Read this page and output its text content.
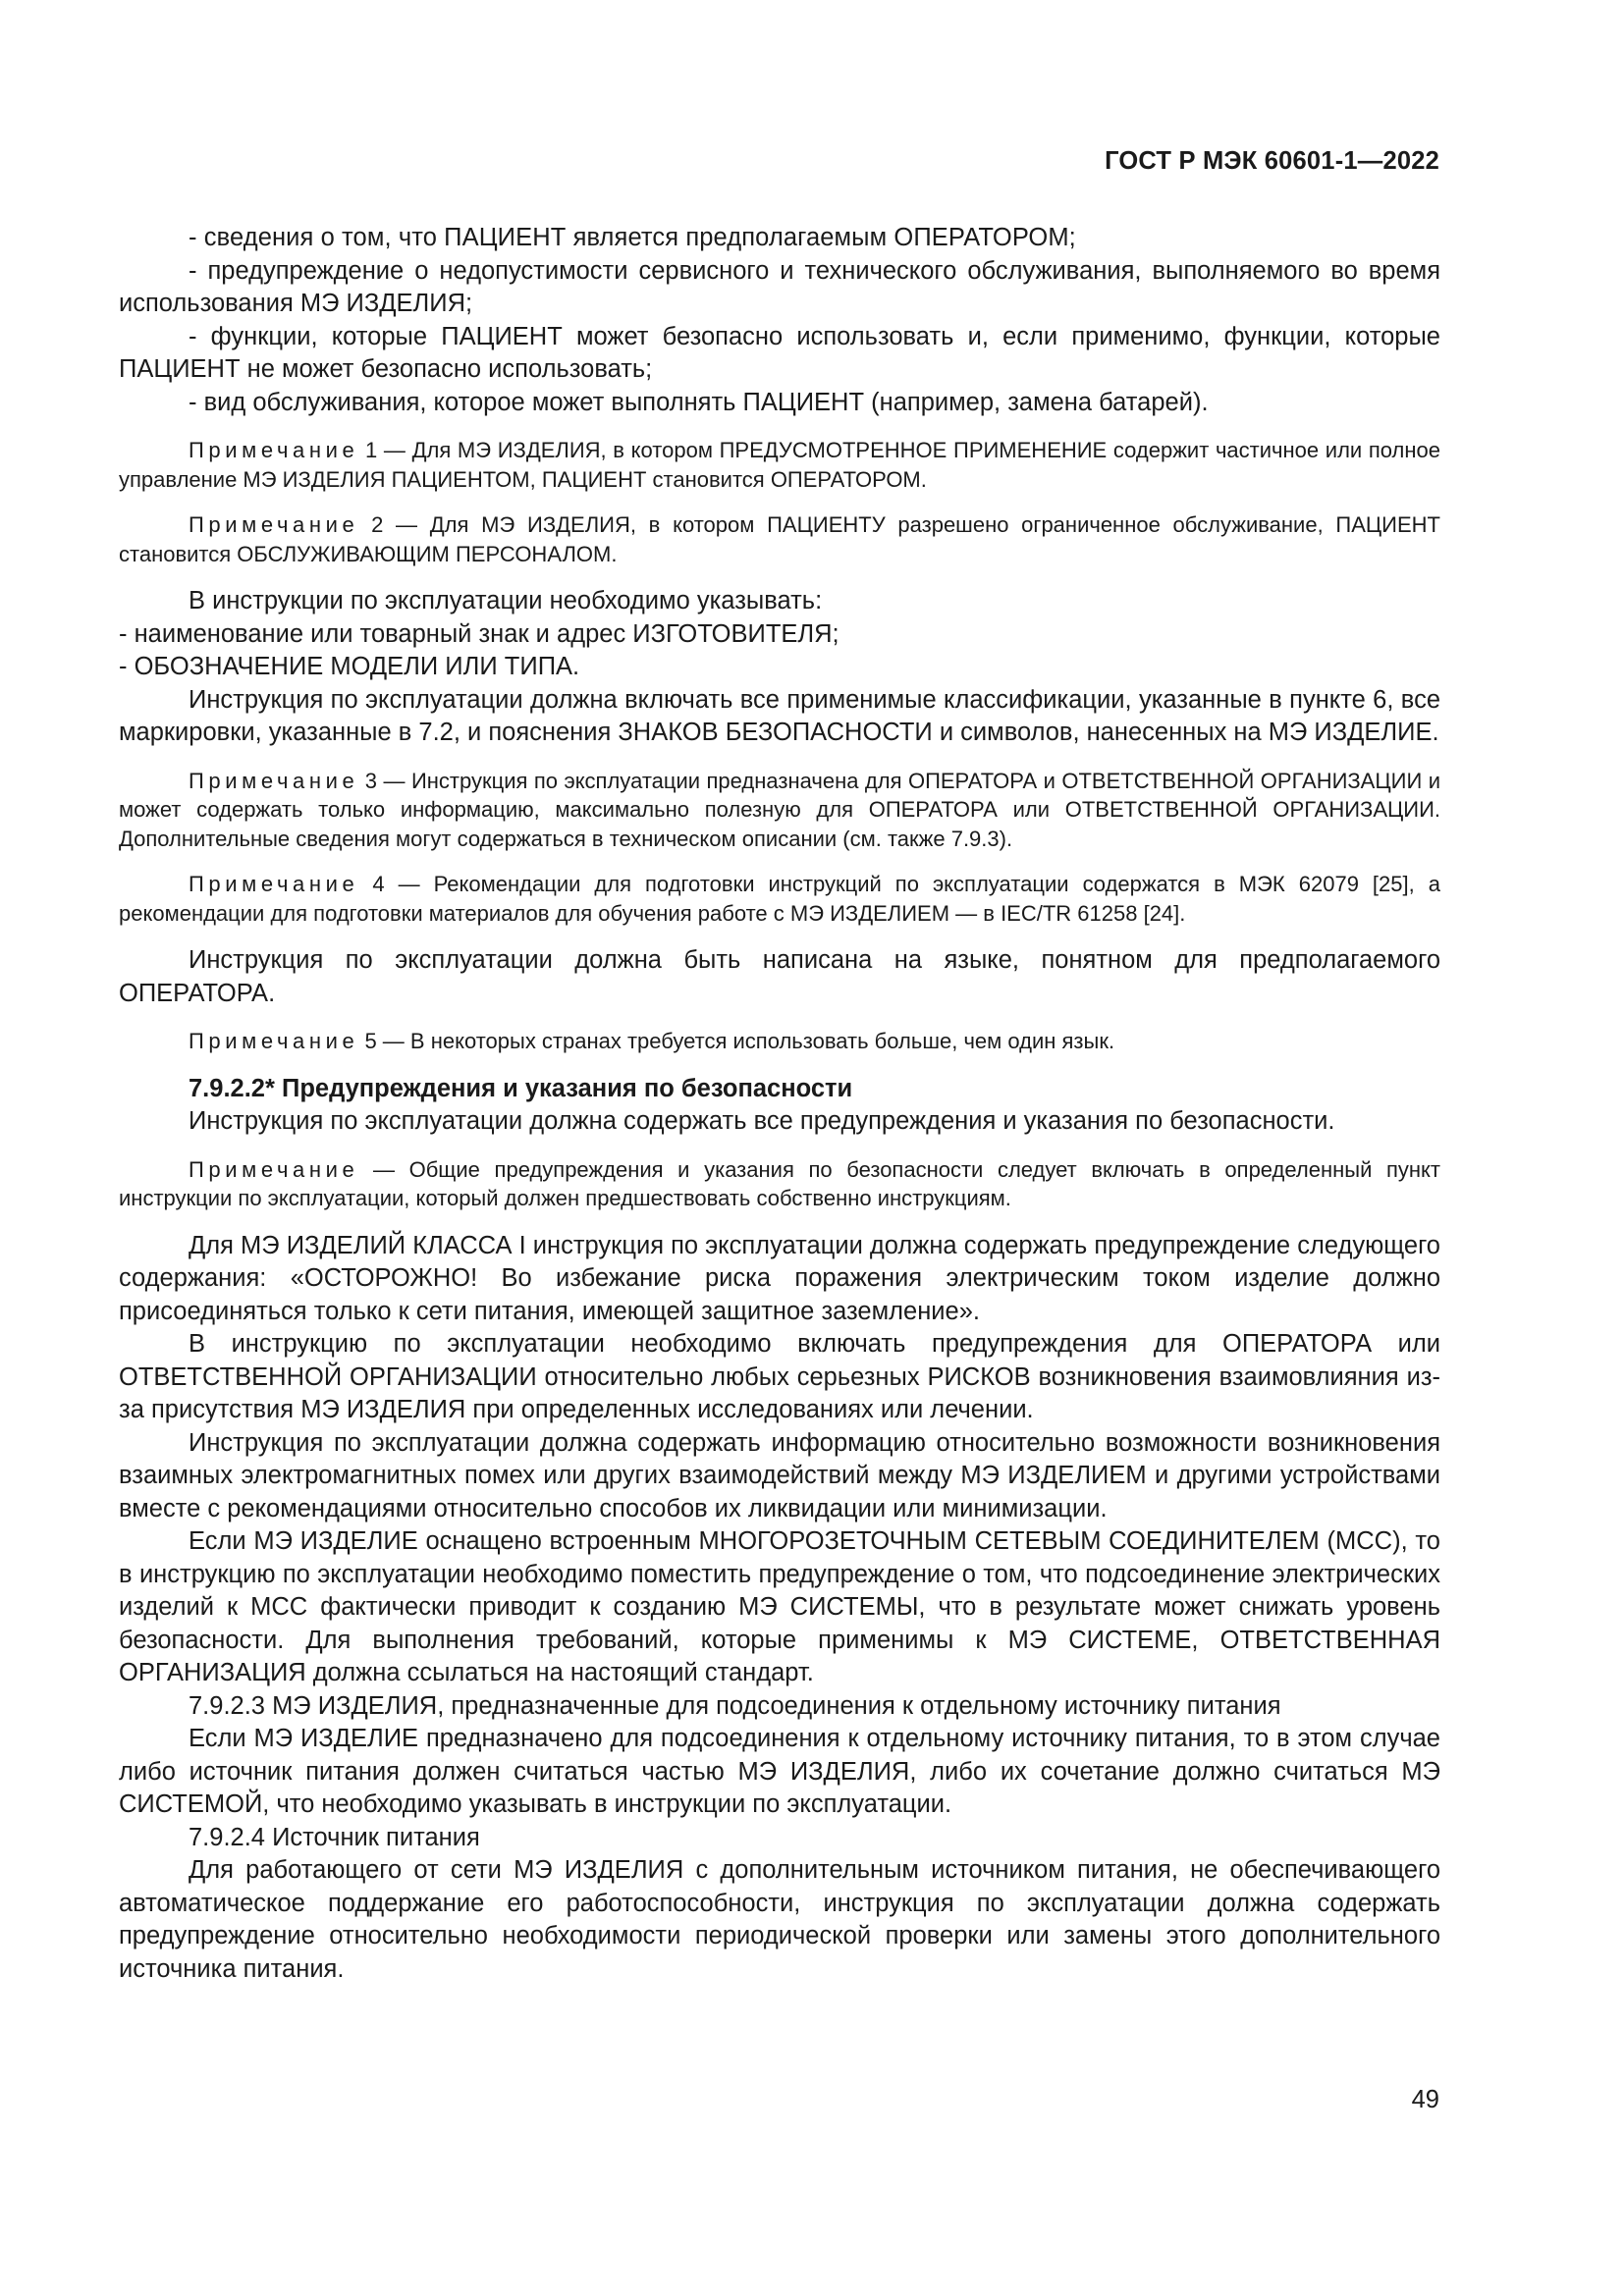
ГОСТ Р МЭК 60601-1—2022

- сведения о том, что ПАЦИЕНТ является предполагаемым ОПЕРАТОРОМ;

- предупреждение о недопустимости сервисного и технического обслуживания, выполняемого во время использования МЭ ИЗДЕЛИЯ;

- функции, которые ПАЦИЕНТ может безопасно использовать и, если применимо, функции, которые ПАЦИЕНТ не может безопасно использовать;

- вид обслуживания, которое может выполнять ПАЦИЕНТ (например, замена батарей).

Примечание 1 — Для МЭ ИЗДЕЛИЯ, в котором ПРЕДУСМОТРЕННОЕ ПРИМЕНЕНИЕ содержит частичное или полное управление МЭ ИЗДЕЛИЯ ПАЦИЕНТОМ, ПАЦИЕНТ становится ОПЕРАТОРОМ.

Примечание 2 — Для МЭ ИЗДЕЛИЯ, в котором ПАЦИЕНТУ разрешено ограниченное обслуживание, ПАЦИЕНТ становится ОБСЛУЖИВАЮЩИМ ПЕРСОНАЛОМ.

В инструкции по эксплуатации необходимо указывать:

- наименование или товарный знак и адрес ИЗГОТОВИТЕЛЯ;

- ОБОЗНАЧЕНИЕ МОДЕЛИ ИЛИ ТИПА.

Инструкция по эксплуатации должна включать все применимые классификации, указанные в пункте 6, все маркировки, указанные в 7.2, и пояснения ЗНАКОВ БЕЗОПАСНОСТИ и символов, нанесенных на МЭ ИЗДЕЛИЕ.

Примечание 3 — Инструкция по эксплуатации предназначена для ОПЕРАТОРА и ОТВЕТСТВЕННОЙ ОРГАНИЗАЦИИ и может содержать только информацию, максимально полезную для ОПЕРАТОРА или ОТВЕТСТВЕННОЙ ОРГАНИЗАЦИИ. Дополнительные сведения могут содержаться в техническом описании (см. также 7.9.3).

Примечание 4 — Рекомендации для подготовки инструкций по эксплуатации содержатся в МЭК 62079 [25], а рекомендации для подготовки материалов для обучения работе с МЭ ИЗДЕЛИЕМ — в IEC/TR 61258 [24].

Инструкция по эксплуатации должна быть написана на языке, понятном для предполагаемого ОПЕРАТОРА.

Примечание 5 — В некоторых странах требуется использовать больше, чем один язык.

7.9.2.2* Предупреждения и указания по безопасности

Инструкция по эксплуатации должна содержать все предупреждения и указания по безопасности.

Примечание — Общие предупреждения и указания по безопасности следует включать в определенный пункт инструкции по эксплуатации, который должен предшествовать собственно инструкциям.

Для МЭ ИЗДЕЛИЙ КЛАССА I инструкция по эксплуатации должна содержать предупреждение следующего содержания: «ОСТОРОЖНО! Во избежание риска поражения электрическим током изделие должно присоединяться только к сети питания, имеющей защитное заземление».

В инструкцию по эксплуатации необходимо включать предупреждения для ОПЕРАТОРА или ОТВЕТСТВЕННОЙ ОРГАНИЗАЦИИ относительно любых серьезных РИСКОВ возникновения взаимовлияния из-за присутствия МЭ ИЗДЕЛИЯ при определенных исследованиях или лечении.

Инструкция по эксплуатации должна содержать информацию относительно возможности возникновения взаимных электромагнитных помех или других взаимодействий между МЭ ИЗДЕЛИЕМ и другими устройствами вместе с рекомендациями относительно способов их ликвидации или минимизации.

Если МЭ ИЗДЕЛИЕ оснащено встроенным МНОГОРОЗЕТОЧНЫМ СЕТЕВЫМ СОЕДИНИТЕЛЕМ (МСС), то в инструкцию по эксплуатации необходимо поместить предупреждение о том, что подсоединение электрических изделий к МСС фактически приводит к созданию МЭ СИСТЕМЫ, что в результате может снижать уровень безопасности. Для выполнения требований, которые применимы к МЭ СИСТЕМЕ, ОТВЕТСТВЕННАЯ ОРГАНИЗАЦИЯ должна ссылаться на настоящий стандарт.

7.9.2.3 МЭ ИЗДЕЛИЯ, предназначенные для подсоединения к отдельному источнику питания

Если МЭ ИЗДЕЛИЕ предназначено для подсоединения к отдельному источнику питания, то в этом случае либо источник питания должен считаться частью МЭ ИЗДЕЛИЯ, либо их сочетание должно считаться МЭ СИСТЕМОЙ, что необходимо указывать в инструкции по эксплуатации.

7.9.2.4 Источник питания

Для работающего от сети МЭ ИЗДЕЛИЯ с дополнительным источником питания, не обеспечивающего автоматическое поддержание его работоспособности, инструкция по эксплуатации должна содержать предупреждение относительно необходимости периодической проверки или замены этого дополнительного источника питания.

49
